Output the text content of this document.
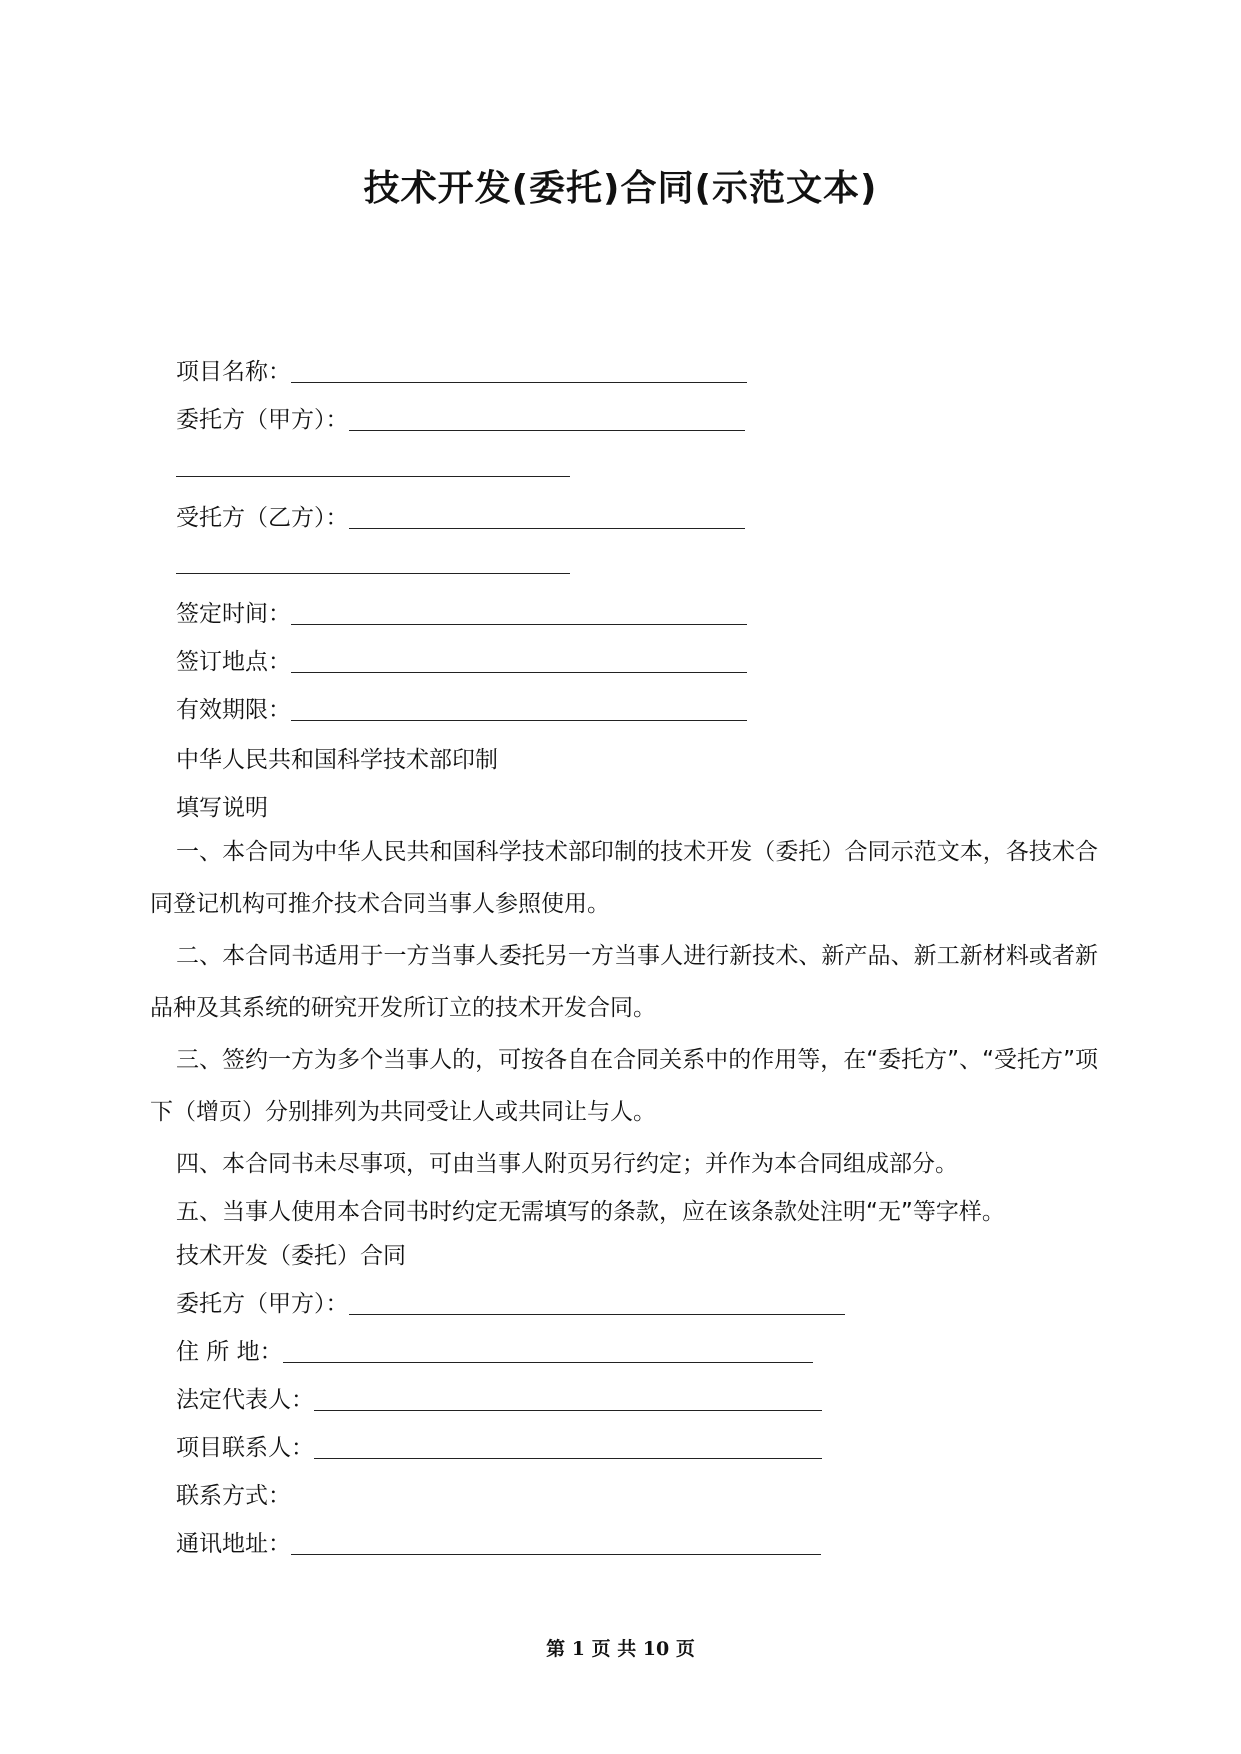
技术开发(委托)合同(示范文本)
项目名称：
委托方（甲方）：
受托方（乙方）：
签定时间：
签订地点：
有效期限：
中华人民共和国科学技术部印制
填写说明
一、本合同为中华人民共和国科学技术部印制的技术开发（委托）合同示范文本，各技术合同登记机构可推介技术合同当事人参照使用。
二、本合同书适用于一方当事人委托另一方当事人进行新技术、新产品、新工新材料或者新品种及其系统的研究开发所订立的技术开发合同。
三、签约一方为多个当事人的，可按各自在合同关系中的作用等，在“委托方”、“受托方”项下（增页）分别排列为共同受让人或共同让与人。
四、本合同书未尽事项，可由当事人附页另行约定；并作为本合同组成部分。
五、当事人使用本合同书时约定无需填写的条款，应在该条款处注明“无”等字样。
技术开发（委托）合同
委托方（甲方）：
住 所 地：
法定代表人：
项目联系人：
联系方式：
通讯地址：
第 1 页 共 10 页
